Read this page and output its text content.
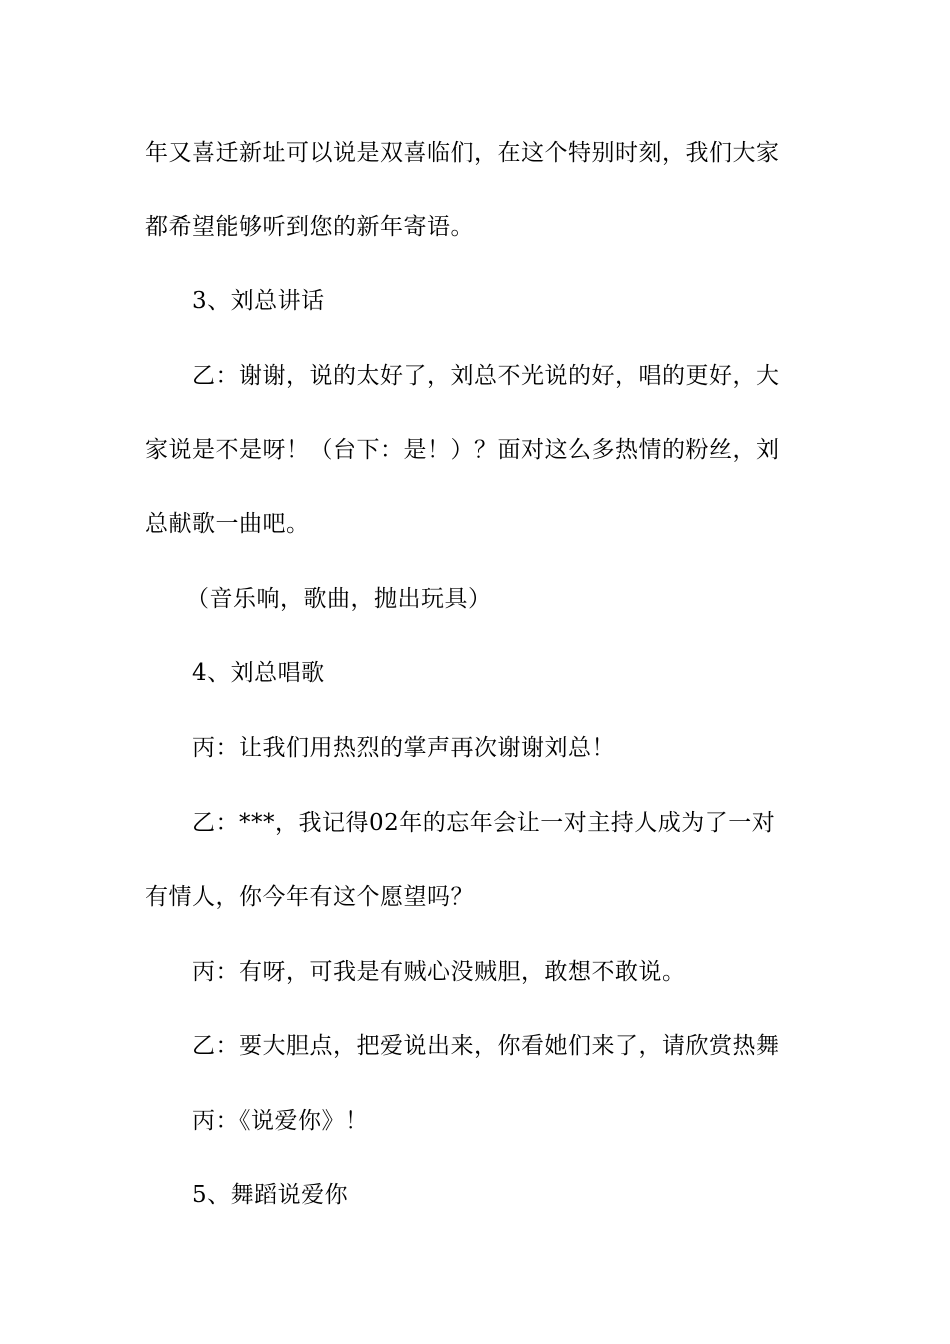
年又喜迁新址可以说是双喜临们，在这个特别时刻，我们大家
都希望能够听到您的新年寄语。
3、刘总讲话
乙：谢谢，说的太好了，刘总不光说的好，唱的更好，大
家说是不是呀！（台下：是！）？面对这么多热情的粉丝，刘
总献歌一曲吧。
（音乐响，歌曲，抛出玩具）
4、刘总唱歌
丙：让我们用热烈的掌声再次谢谢刘总！
乙：***，我记得02年的忘年会让一对主持人成为了一对
有情人，你今年有这个愿望吗？
丙：有呀，可我是有贼心没贼胆，敢想不敢说。
乙：要大胆点，把爱说出来，你看她们来了，请欣赏热舞
丙：《说爱你》！
5、舞蹈说爱你
